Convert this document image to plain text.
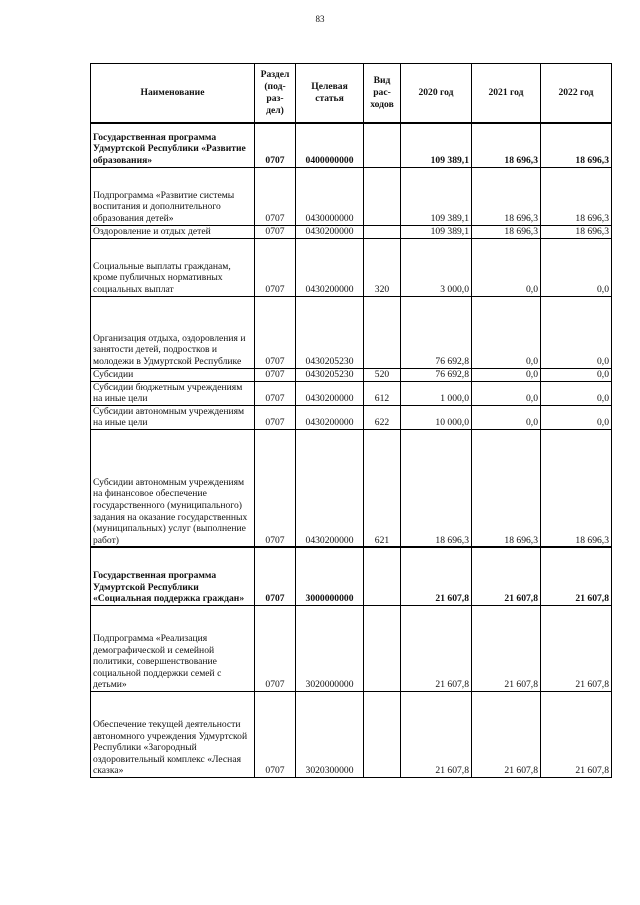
83
Наименование	Раздел (под- раз- дел)	Целевая статья	Вид рас- ходов	2020 год	2021 год	2022 год
Государственная программа Удмуртской Республики «Развитие образования»	0707	0400000000		109 389,1	18 696,3	18 696,3
Подпрограмма «Развитие системы воспитания и дополнительного образования детей»	0707	0430000000		109 389,1	18 696,3	18 696,3
Оздоровление и отдых детей	0707	0430200000		109 389,1	18 696,3	18 696,3
Социальные выплаты гражданам, кроме публичных нормативных социальных выплат	0707	0430200000	320	3 000,0	0,0	0,0
Организация отдыха, оздоровления и занятости детей, подростков и молодежи в Удмуртской Республике	0707	0430205230		76 692,8	0,0	0,0
Субсидии	0707	0430205230	520	76 692,8	0,0	0,0
Субсидии бюджетным учреждениям на иные цели	0707	0430200000	612	1 000,0	0,0	0,0
Субсидии автономным учреждениям на иные цели	0707	0430200000	622	10 000,0	0,0	0,0
Субсидии автономным учреждениям на финансовое обеспечение государственного (муниципального) задания на оказание государственных (муниципальных) услуг (выполнение работ)	0707	0430200000	621	18 696,3	18 696,3	18 696,3
Государственная программа Удмуртской Республики «Социальная поддержка граждан»	0707	3000000000		21 607,8	21 607,8	21 607,8
Подпрограмма «Реализация демографической и семейной политики, совершенствование социальной поддержки семей с детьми»	0707	3020000000		21 607,8	21 607,8	21 607,8
Обеспечение текущей деятельности автономного учреждения Удмуртской Республики «Загородный оздоровительный комплекс «Лесная сказка»	0707	3020300000		21 607,8	21 607,8	21 607,8
